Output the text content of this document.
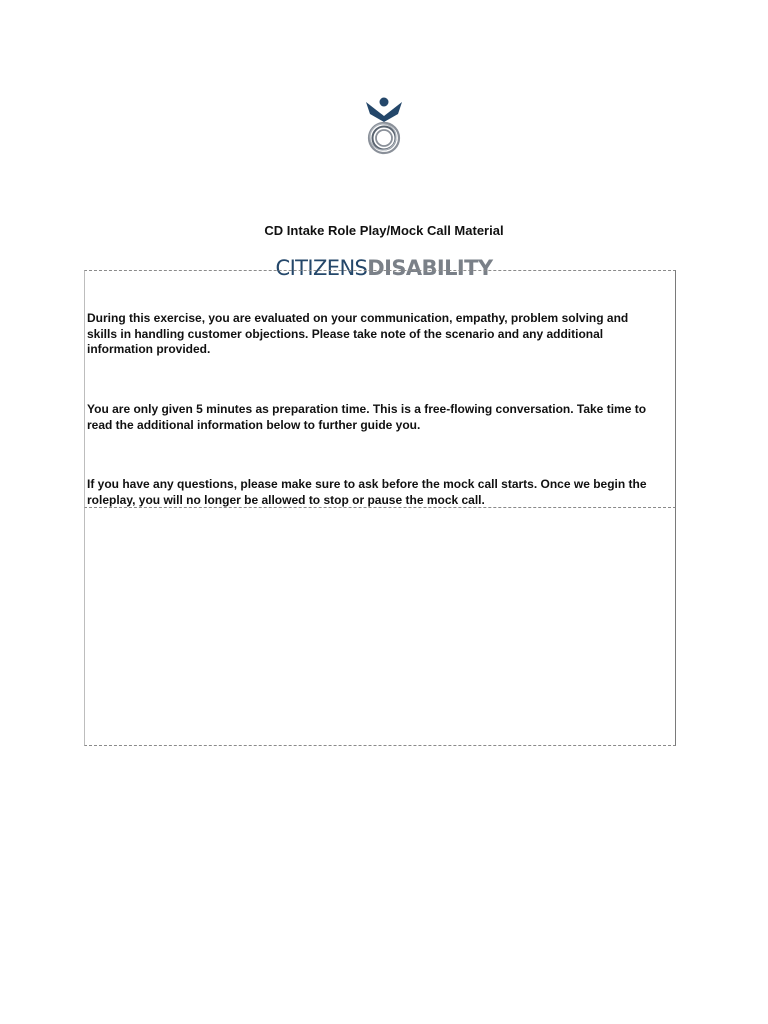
CITIZENSDISABILITY
CD Intake Role Play/Mock Call Material

During this exercise, you are evaluated on your communication, empathy, problem solving and
skills in handling customer objections. Please take note of the scenario and any additional
information provided.

You are only given 5 minutes as preparation time. This is a free-flowing conversation. Take time to
read the additional information below to further guide you.

If you have any questions, please make sure to ask before the mock call starts. Once we begin the
roleplay, you will no longer be allowed to stop or pause the mock call.
